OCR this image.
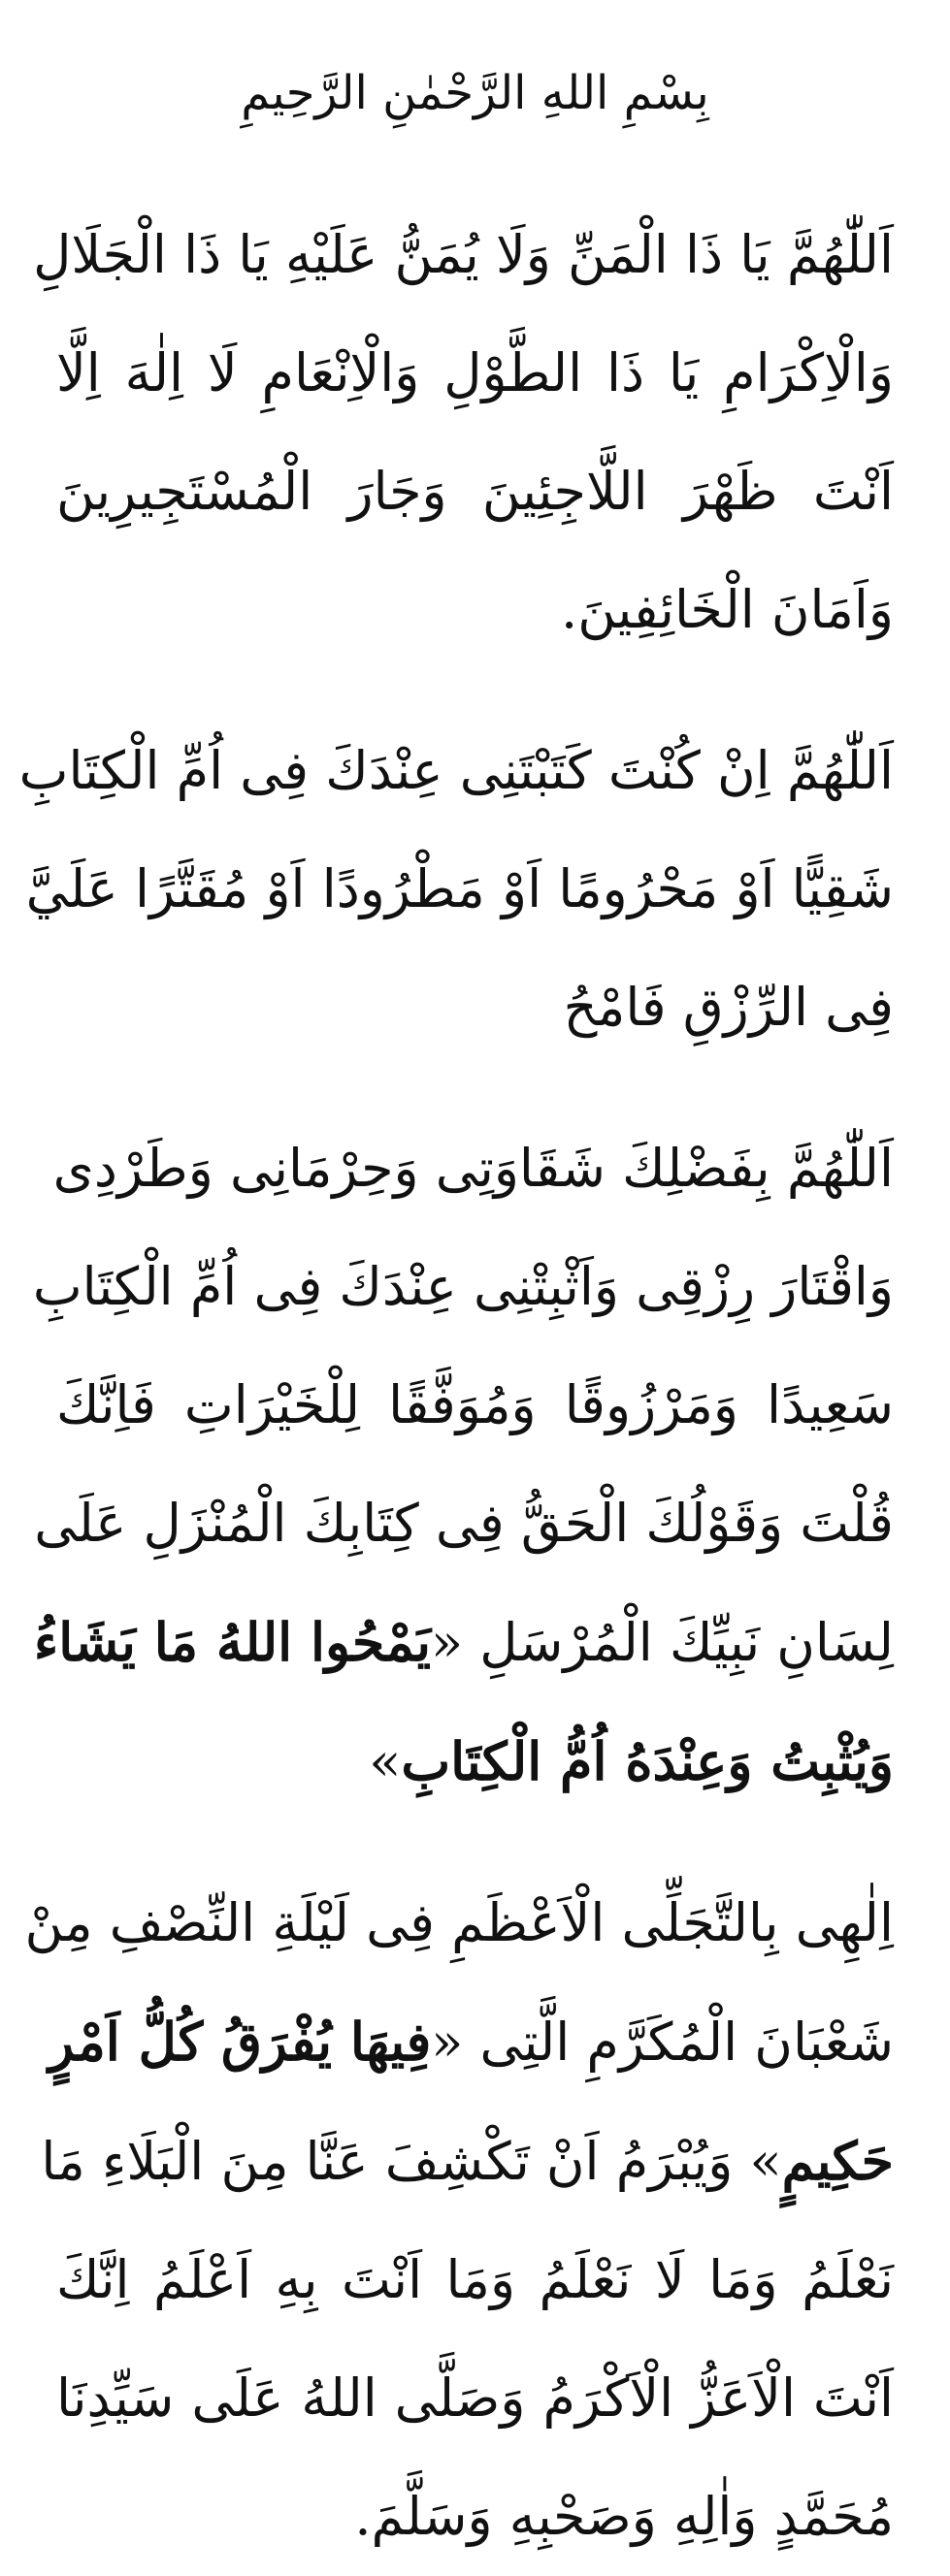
بِسْمِ اللهِ الرَّحْمٰنِ الرَّحِيمِ
اَللّٰهُمَّ يَا ذَا الْمَنِّ وَلَا يُمَنُّ عَلَيْهِ يَا ذَا الْجَلَالِ
وَالْاِكْرَامِ يَا ذَا الطَّوْلِ وَالْاِنْعَامِ لَا اِلٰهَ اِلَّا
اَنْتَ ظَهْرَ اللَّاجِئِينَ وَجَارَ الْمُسْتَجِيرِينَ
وَاَمَانَ الْخَائِفِينَ.
اَللّٰهُمَّ اِنْ كُنْتَ كَتَبْتَنِى عِنْدَكَ فِى اُمِّ الْكِتَابِ
شَقِيًّا اَوْ مَحْرُومًا اَوْ مَطْرُودًا اَوْ مُقَتَّرًا عَلَيَّ
فِى الرِّزْقِ فَامْحُ
اَللّٰهُمَّ بِفَضْلِكَ شَقَاوَتِى وَحِرْمَانِى وَطَرْدِى
وَاقْتَارَ رِزْقِى وَاَثْبِتْنِى عِنْدَكَ فِى اُمِّ الْكِتَابِ
سَعِيدًا وَمَرْزُوقًا وَمُوَفَّقًا لِلْخَيْرَاتِ فَاِنَّكَ
قُلْتَ وَقَوْلُكَ الْحَقُّ فِى كِتَابِكَ الْمُنْزَلِ عَلَى
لِسَانِ نَبِيِّكَ الْمُرْسَلِ «يَمْحُوا اللهُ مَا يَشَاءُ
وَيُثْبِتُ وَعِنْدَهُ اُمُّ الْكِتَابِ»
اِلٰهِى بِالتَّجَلِّى الْاَعْظَمِ فِى لَيْلَةِ النِّصْفِ مِنْ
شَعْبَانَ الْمُكَرَّمِ الَّتِى «فِيهَا يُفْرَقُ كُلُّ اَمْرٍ
حَكِيمٍ» وَيُبْرَمُ اَنْ تَكْشِفَ عَنَّا مِنَ الْبَلَاءِ مَا
نَعْلَمُ وَمَا لَا نَعْلَمُ وَمَا اَنْتَ بِهِ اَعْلَمُ اِنَّكَ
اَنْتَ الْاَعَزُّ الْاَكْرَمُ وَصَلَّى اللهُ عَلَى سَيِّدِنَا
مُحَمَّدٍ وَاٰلِهِ وَصَحْبِهِ وَسَلَّمَ.
